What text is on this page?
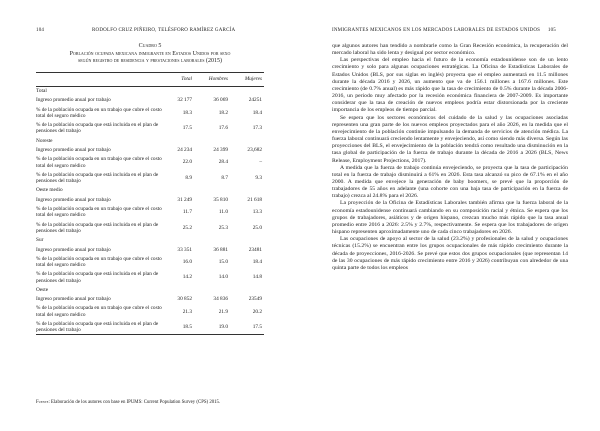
104	RODOLFO CRUZ PIÑEIRO, TELÉSFORO RAMÍREZ GARCÍA
Cuadro 5
Población ocupada mexicana inmigrante en Estados Unidos por sexo
según registro de residencia y prestaciones laborales (2015)
	Total	Hombres	Mujeres
Total			
Ingreso promedio anual por trabajo	32 177	36 069	24251
% de la población ocupada en un trabajo que cubre el costo total del seguro médico	18.3	18.2	18.4
% de la población ocupada que está incluida en el plan de pensiones del trabajo	17.5	17.6	17.3
Noreste			
Ingreso promedio anual por trabajo	24 234	24 399	23,682
% de la población ocupada en un trabajo que cubre el costo total del seguro médico	22.0	28.4	–
% de la población ocupada que está incluida en el plan de pensiones del trabajo	8.9	8.7	9.3
Oeste medio			
Ingreso promedio anual por trabajo	31 249	35 810	21 618
% de la población ocupada en un trabajo que cubre el costo total del seguro médico	11.7	11.0	13.3
% de la población ocupada que está incluida en el plan de pensiones del trabajo	25.2	25.3	25.0
Sur			
Ingreso promedio anual por trabajo	33 351	36 881	23481
% de la población ocupada en un trabajo que cubre el costo total del seguro médico	16.0	15.0	18.4
% de la población ocupada que está incluida en el plan de pensiones del trabajo	14.2	14.0	14.8
Oeste			
Ingreso promedio anual por trabajo	30 852	34 836	23549
% de la población ocupada en un trabajo que cubre el costo total del seguro médico	21.3	21.9	20.2
% de la población ocupada que está incluida en el plan de pensiones del trabajo	18.5	19.0	17.5
Fuente: Elaboración de los autores con base en IPUMS: Current Population Survey (CPS) 2015.
INMIGRANTES MEXICANOS EN LOS MERCADOS LABORALES DE ESTADOS UNIDOS 105

que algunos autores han tendido a nombrarle como la Gran Recesión económica, la recuperación del mercado laboral ha sido lenta y desigual por sector económico.

Las perspectivas del empleo hacia el futuro de la economía estadounidense son de un lento crecimiento y solo para algunas ocupaciones estratégicas. La Oficina de Estadísticas Laborales de Estados Unidos (BLS, por sus siglas en inglés) proyecta que el empleo aumentará en 11.5 millones durante la década 2016 y 2026, un aumento que va de 156.1 millones a 167.6 millones. Este crecimiento (de 0.7% anual) es más rápido que la tasa de crecimiento de 0.5% durante la década 2006-2016, un periodo muy afectado por la recesión económica financiera de 2007-2009. Es importante considerar que la tasa de creación de nuevos empleos podría estar distorsionada por la creciente importancia de los empleos de tiempo parcial.

Se espera que los sectores económicos del cuidado de la salud y las ocupaciones asociadas representen una gran parte de los nuevos empleos proyectados para el año 2026, en la medida que el envejecimiento de la población continúe impulsando la demanda de servicios de atención médica. La fuerza laboral continuará creciendo lentamente y envejeciendo, así como siendo más diversa. Según las proyecciones del BLS, el envejecimiento de la población tendrá como resultado una disminución en la tasa global de participación de la fuerza de trabajo durante la década de 2016 a 2026 (BLS, News Release, Employment Projections, 2017).

A medida que la fuerza de trabajo continúa envejeciendo, se proyecta que la tasa de participación total en la fuerza de trabajo disminuirá a 61% en 2026. Esta tasa alcanzó su pico de 67.1% en el año 2000. A medida que envejece la generación de baby boomers, se prevé que la proporción de trabajadores de 55 años en adelante (una cohorte con una baja tasa de participación en la fuerza de trabajo) crezca al 24.8% para el 2026.

La proyección de la Oficina de Estadísticas Laborales también afirma que la fuerza laboral de la economía estadounidense continuará cambiando en su composición racial y étnica. Se espera que los grupos de trabajadores, asiáticos y de origen hispano, crezcan mucho más rápido que la tasa anual promedio entre 2016 a 2026: 2.5% y 2.7%, respectivamente. Se espera que los trabajadores de origen hispano representen aproximadamente uno de cada cinco trabajadores en 2026.

Las ocupaciones de apoyo al sector de la salud (23.2%) y profesionales de la salud y ocupaciones técnicas (15.2%) se encuentran entre los grupos ocupacionales de más rápido crecimiento durante la década de proyecciones, 2016-2026. Se prevé que estos dos grupos ocupacionales (que representan 14 de las 30 ocupaciones de más rápido crecimiento entre 2016 y 2026) contribuyan con alrededor de una quinta parte de todos los empleos
